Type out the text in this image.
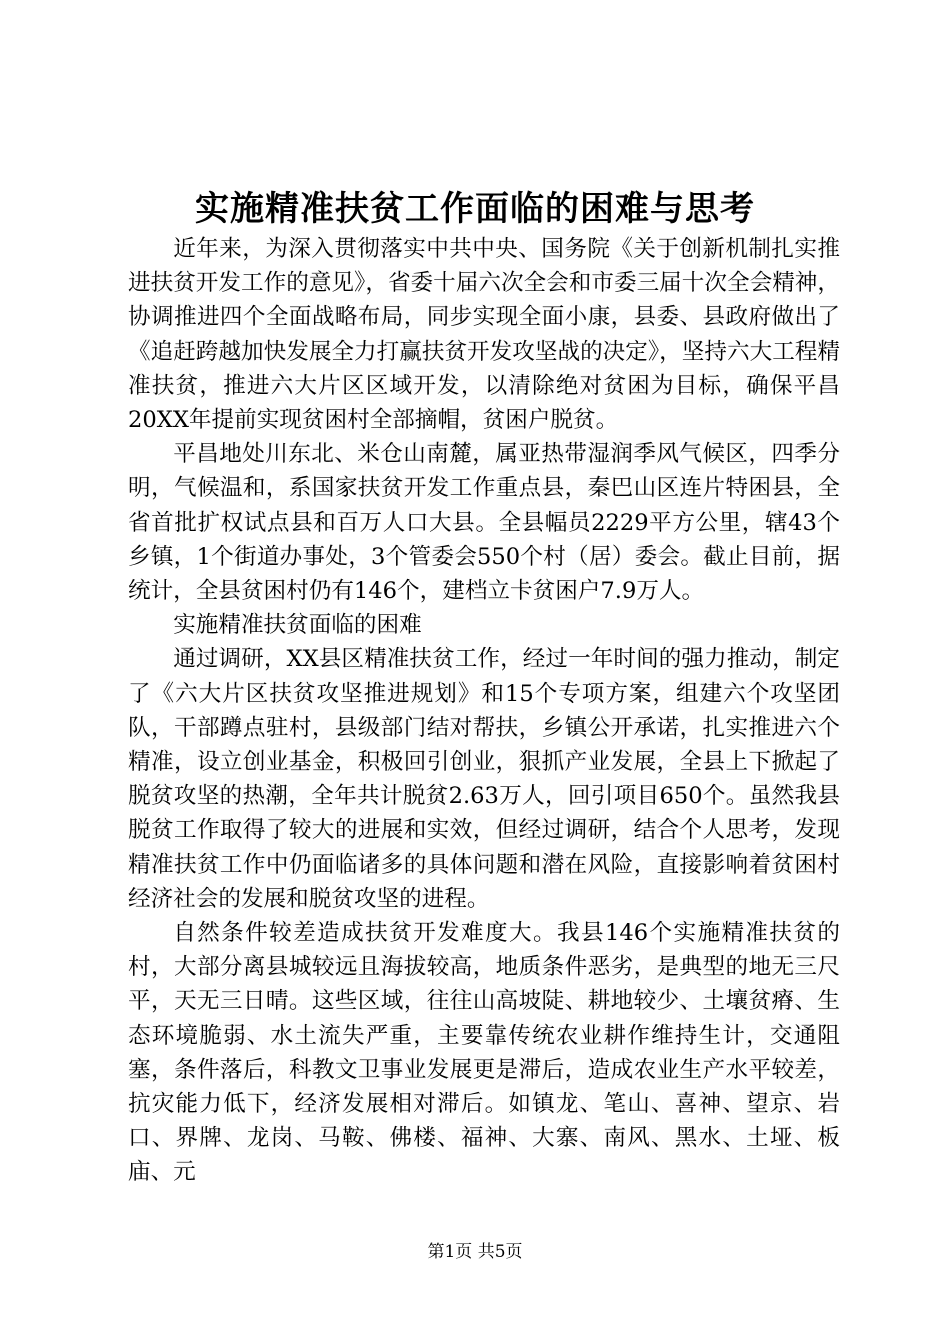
实施精准扶贫工作面临的困难与思考

近年来，为深入贯彻落实中共中央、国务院《关于创新机制扎实推进扶贫开发工作的意见》，省委十届六次全会和市委三届十次全会精神，协调推进四个全面战略布局，同步实现全面小康，县委、县政府做出了《追赶跨越加快发展全力打赢扶贫开发攻坚战的决定》，坚持六大工程精准扶贫，推进六大片区区域开发，以清除绝对贫困为目标，确保平昌20XX年提前实现贫困村全部摘帽，贫困户脱贫。

平昌地处川东北、米仓山南麓，属亚热带湿润季风气候区，四季分明，气候温和，系国家扶贫开发工作重点县，秦巴山区连片特困县，全省首批扩权试点县和百万人口大县。全县幅员2229平方公里，辖43个乡镇，1个街道办事处，3个管委会550个村（居）委会。截止目前，据统计，全县贫困村仍有146个，建档立卡贫困户7.9万人。

实施精准扶贫面临的困难

通过调研，XX县区精准扶贫工作，经过一年时间的强力推动，制定了《六大片区扶贫攻坚推进规划》和15个专项方案，组建六个攻坚团队，干部蹲点驻村，县级部门结对帮扶，乡镇公开承诺，扎实推进六个精准，设立创业基金，积极回引创业，狠抓产业发展，全县上下掀起了脱贫攻坚的热潮，全年共计脱贫2.63万人，回引项目650个。虽然我县脱贫工作取得了较大的进展和实效，但经过调研，结合个人思考，发现精准扶贫工作中仍面临诸多的具体问题和潜在风险，直接影响着贫困村经济社会的发展和脱贫攻坚的进程。

自然条件较差造成扶贫开发难度大。我县146个实施精准扶贫的村，大部分离县城较远且海拔较高，地质条件恶劣，是典型的地无三尺平，天无三日晴。这些区域，往往山高坡陡、耕地较少、土壤贫瘠、生态环境脆弱、水土流失严重，主要靠传统农业耕作维持生计，交通阻塞，条件落后，科教文卫事业发展更是滞后，造成农业生产水平较差，抗灾能力低下，经济发展相对滞后。如镇龙、笔山、喜神、望京、岩口、界牌、龙岗、马鞍、佛楼、福神、大寨、南风、黑水、土垭、板庙、元

第1页 共5页
